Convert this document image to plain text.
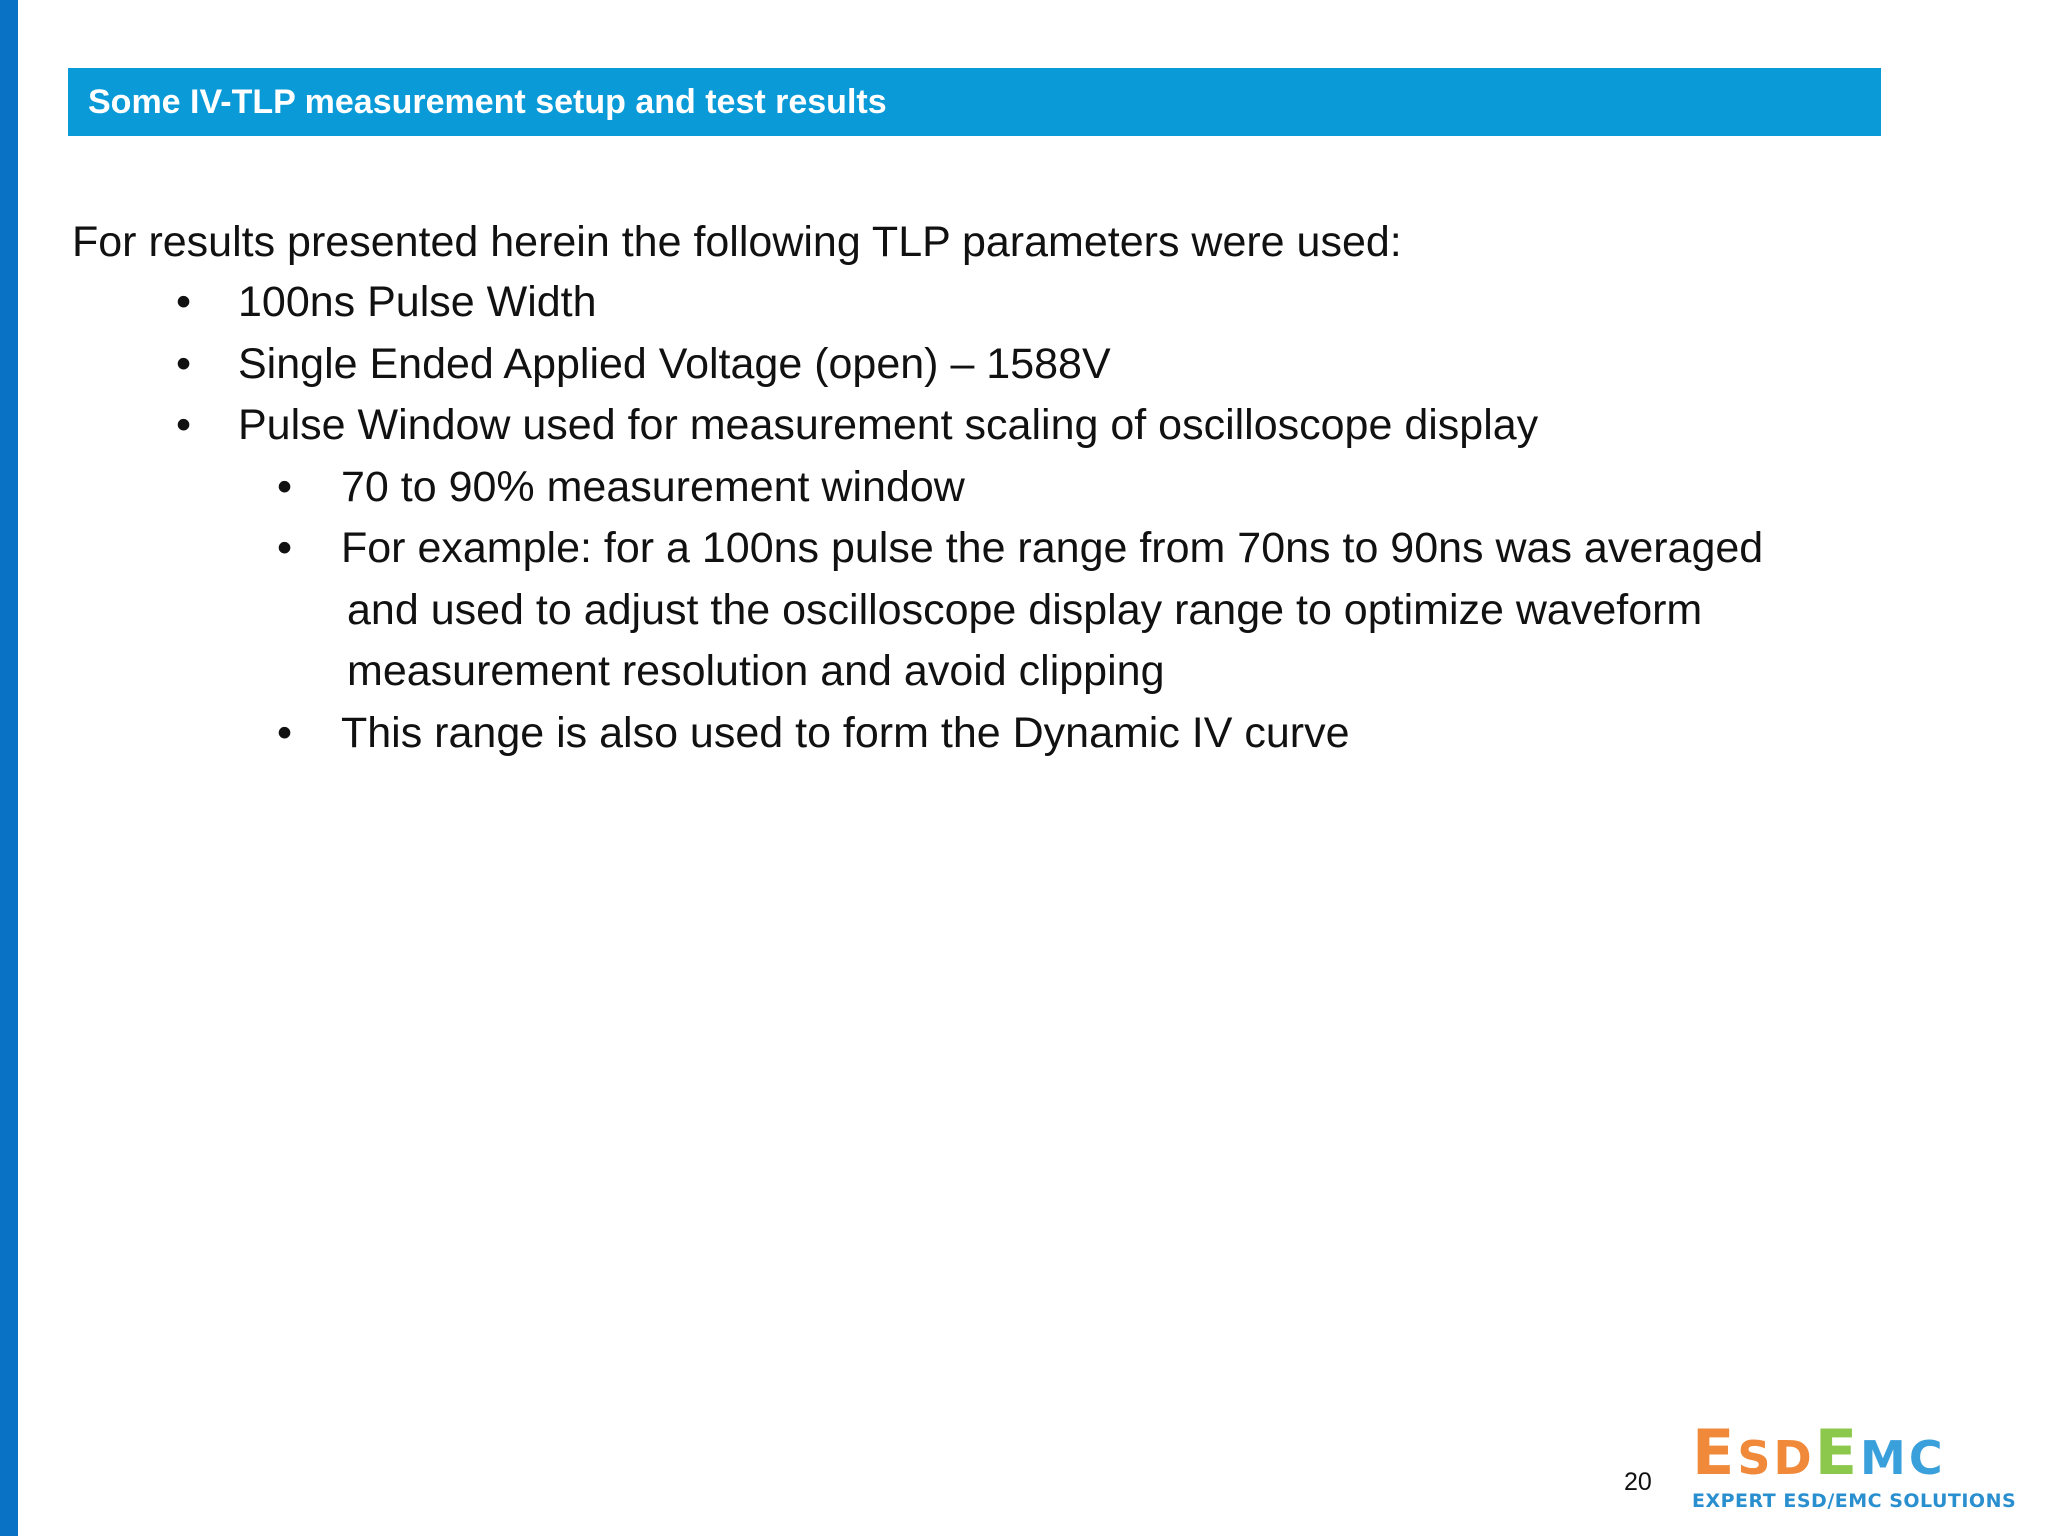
Some IV-TLP measurement setup and test results

For results presented herein the following TLP parameters were used:

• 100ns Pulse Width
• Single Ended Applied Voltage (open) – 1588V
• Pulse Window used for measurement scaling of oscilloscope display
• 70 to 90% measurement window
• For example: for a 100ns pulse the range from 70ns to 90ns was averaged
and used to adjust the oscilloscope display range to optimize waveform
measurement resolution and avoid clipping
• This range is also used to form the Dynamic IV curve
20 ESDEMC
EXPERT ESD/EMC SOLUTIONS
